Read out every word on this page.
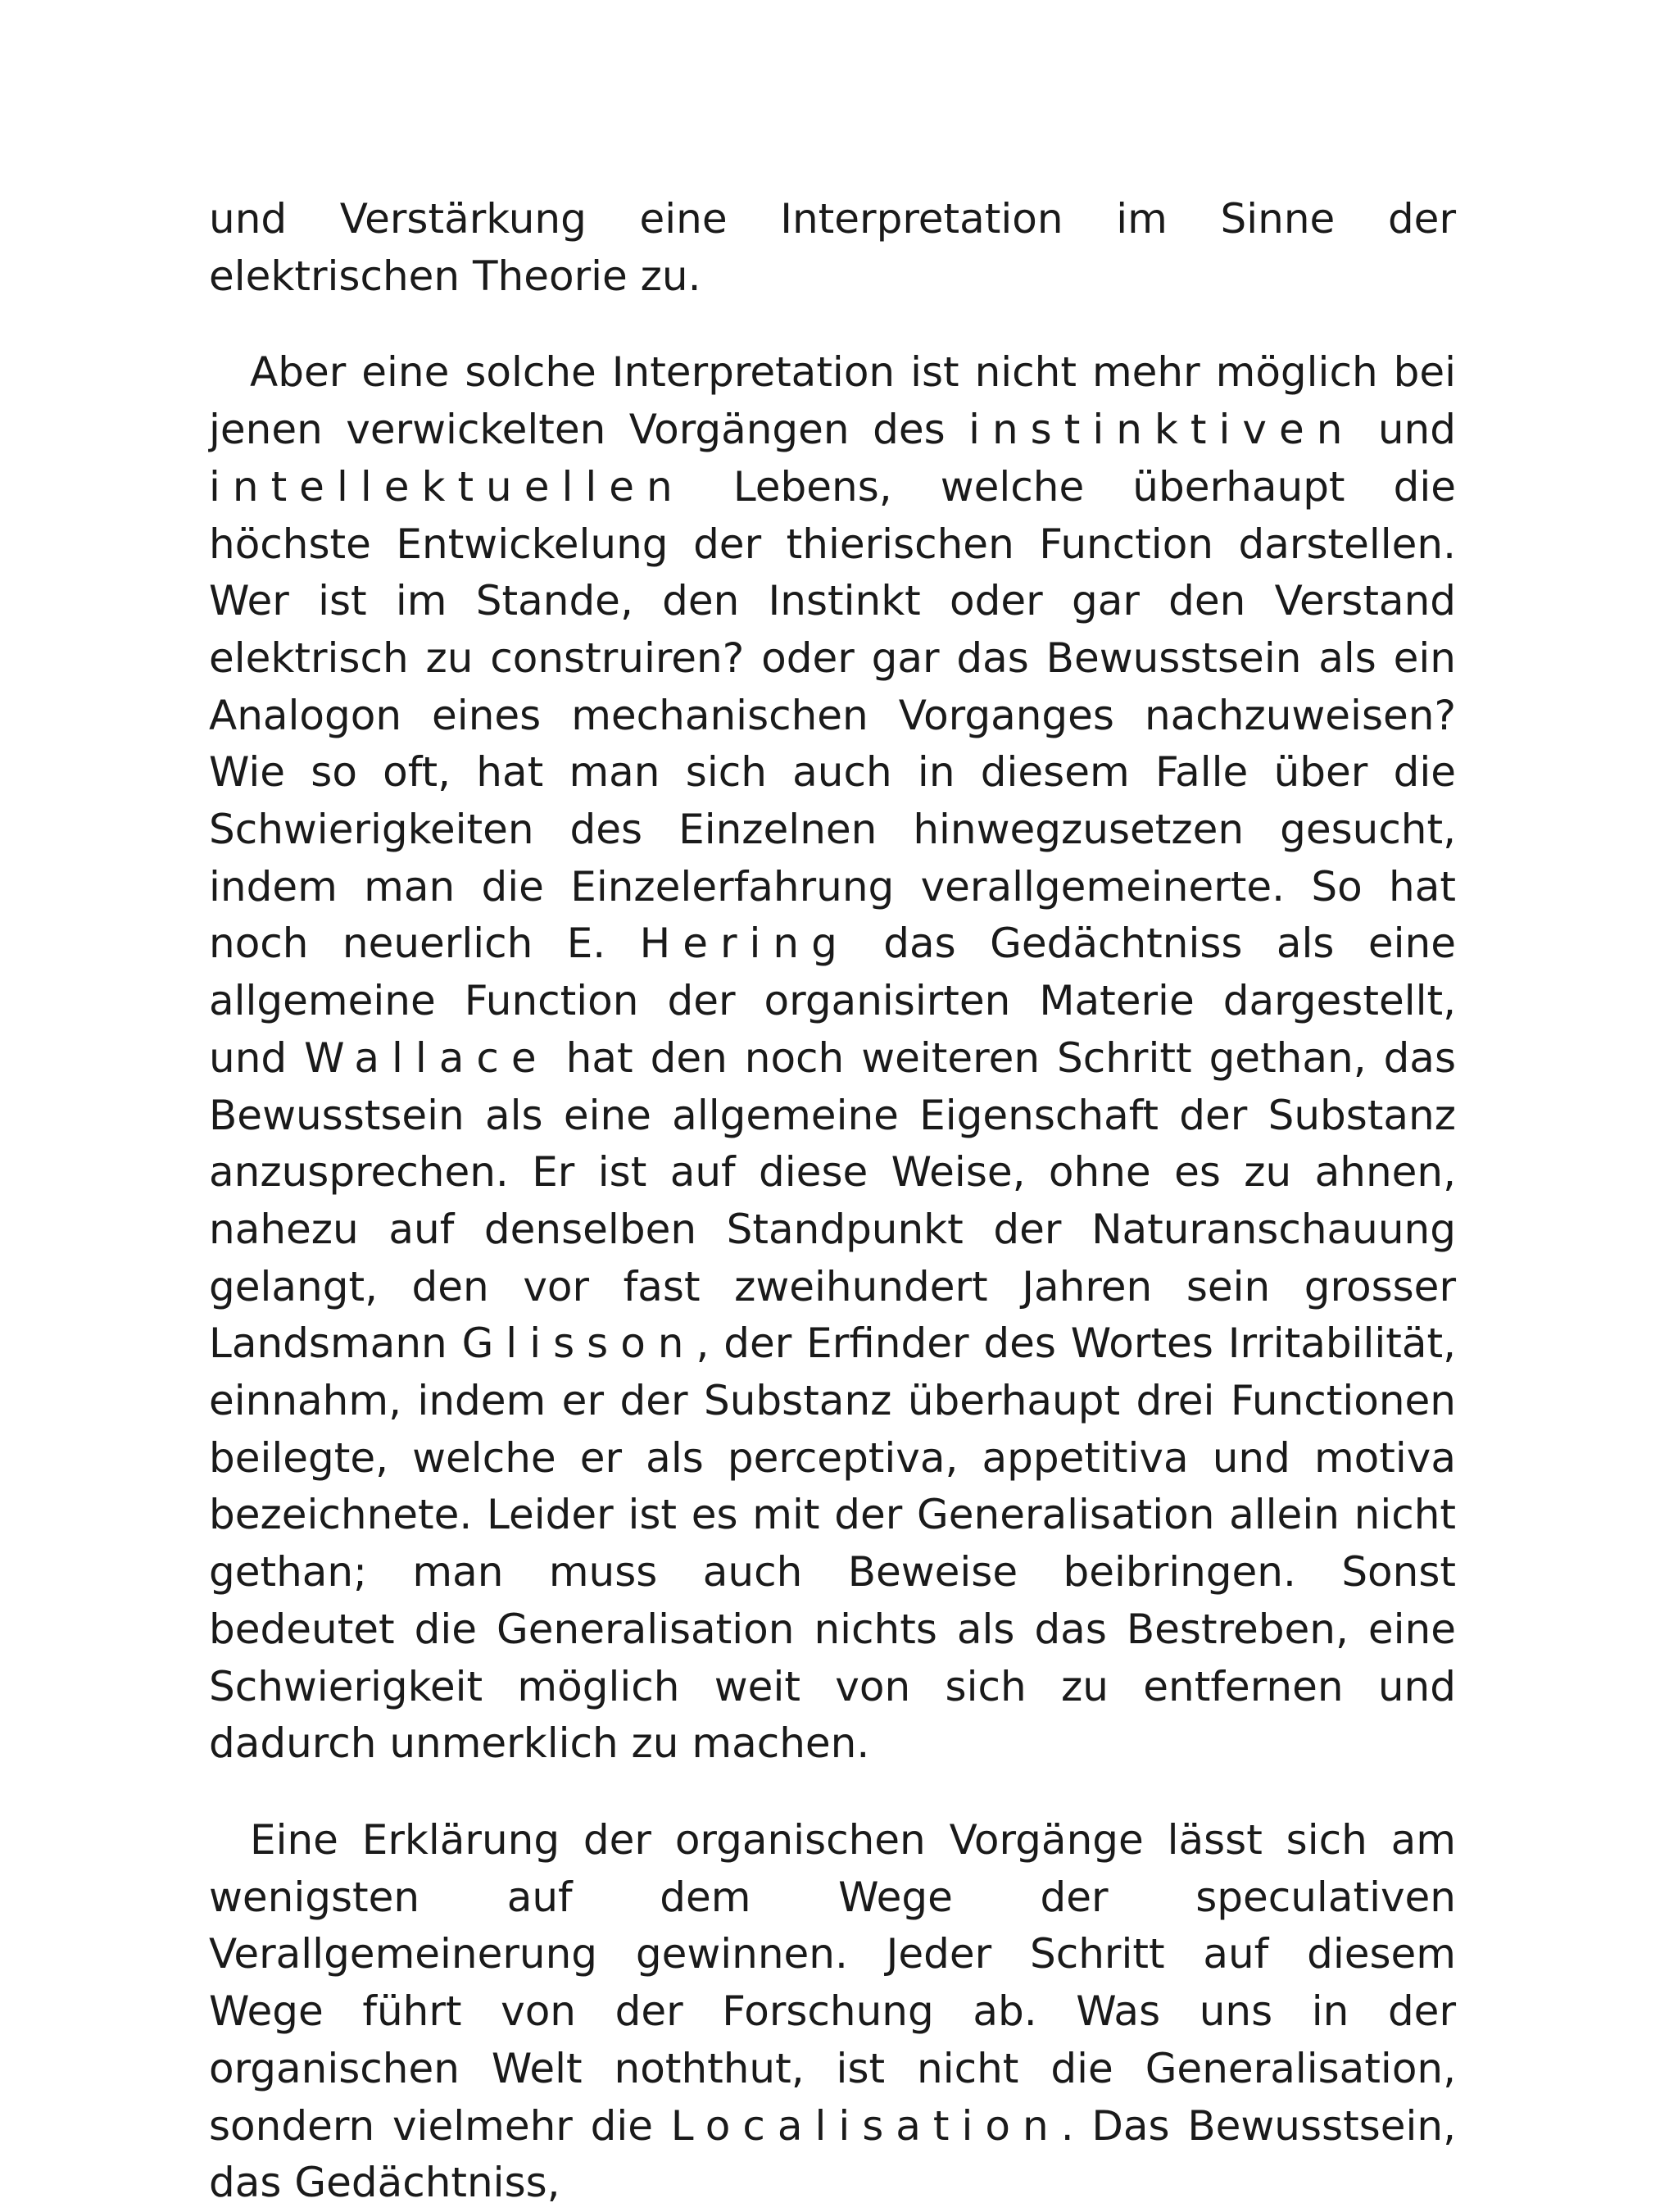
und Verstärkung eine Interpretation im Sinne der elektrischen Theorie zu.

Aber eine solche Interpretation ist nicht mehr möglich bei jenen verwickelten Vorgängen des instinktiven und intellektuellen Lebens, welche überhaupt die höchste Entwickelung der thierischen Function darstellen. Wer ist im Stande, den Instinkt oder gar den Verstand elektrisch zu construiren? oder gar das Bewusstsein als ein Analogon eines mechanischen Vorganges nachzuweisen? Wie so oft, hat man sich auch in diesem Falle über die Schwierigkeiten des Einzelnen hinwegzusetzen gesucht, indem man die Einzelerfahrung verallgemeinerte. So hat noch neuerlich E. Hering das Gedächtniss als eine allgemeine Function der organisirten Materie dargestellt, und Wallace hat den noch weiteren Schritt gethan, das Bewusstsein als eine allgemeine Eigenschaft der Substanz anzusprechen. Er ist auf diese Weise, ohne es zu ahnen, nahezu auf denselben Standpunkt der Naturanschauung gelangt, den vor fast zweihundert Jahren sein grosser Landsmann Glisson, der Erfinder des Wortes Irritabilität, einnahm, indem er der Substanz überhaupt drei Functionen beilegte, welche er als perceptiva, appetitiva und motiva bezeichnete. Leider ist es mit der Generalisation allein nicht gethan; man muss auch Beweise beibringen. Sonst bedeutet die Generalisation nichts als das Bestreben, eine Schwierigkeit möglich weit von sich zu entfernen und dadurch unmerklich zu machen.

Eine Erklärung der organischen Vorgänge lässt sich am wenigsten auf dem Wege der speculativen Verallgemeinerung gewinnen. Jeder Schritt auf diesem Wege führt von der Forschung ab. Was uns in der organischen Welt noththut, ist nicht die Generalisation, sondern vielmehr die Localisation. Das Bewusstsein, das Gedächtniss,
